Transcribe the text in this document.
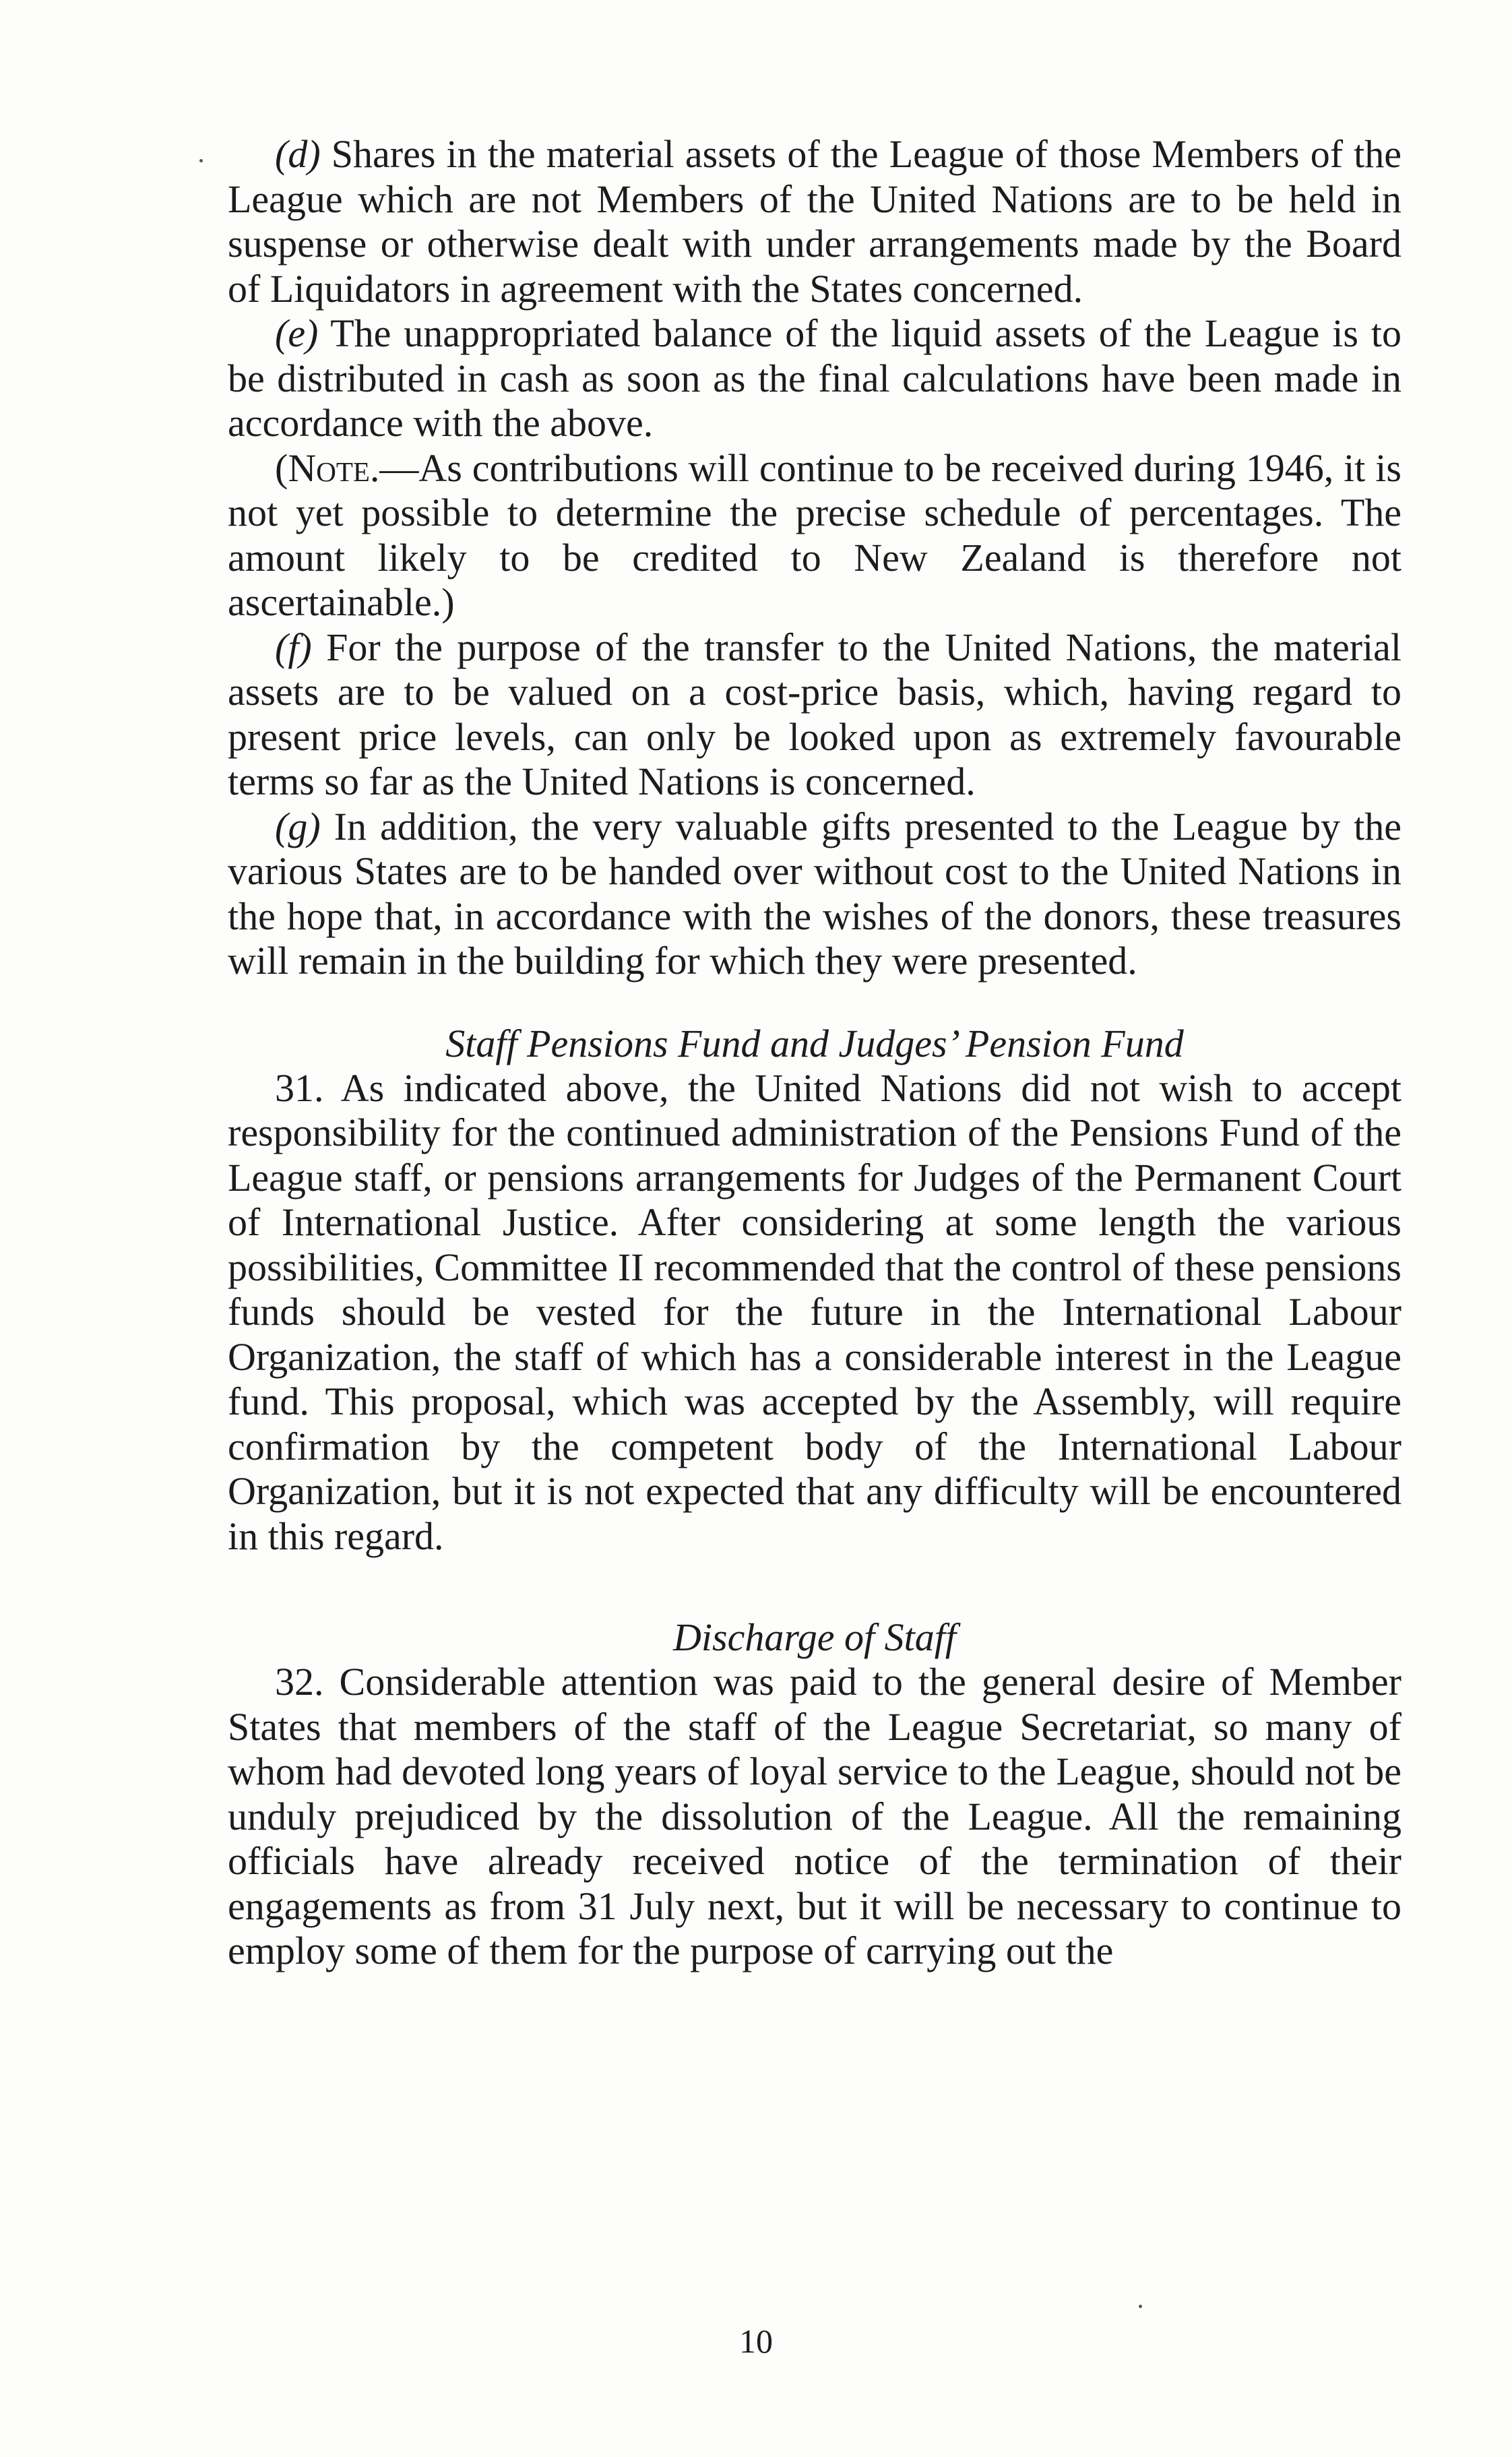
(d) Shares in the material assets of the League of those Members of the League which are not Members of the United Nations are to be held in suspense or otherwise dealt with under arrangements made by the Board of Liquidators in agreement with the States concerned.

(e) The unappropriated balance of the liquid assets of the League is to be distributed in cash as soon as the final calculations have been made in accordance with the above.

(Note.—As contributions will continue to be received during 1946, it is not yet possible to determine the precise schedule of percentages. The amount likely to be credited to New Zealand is therefore not ascertainable.)

(f) For the purpose of the transfer to the United Nations, the material assets are to be valued on a cost-price basis, which, having regard to present price levels, can only be looked upon as extremely favourable terms so far as the United Nations is concerned.

(g) In addition, the very valuable gifts presented to the League by the various States are to be handed over without cost to the United Nations in the hope that, in accordance with the wishes of the donors, these treasures will remain in the building for which they were presented.

Staff Pensions Fund and Judges’ Pension Fund

31. As indicated above, the United Nations did not wish to accept responsibility for the continued administration of the Pensions Fund of the League staff, or pensions arrangements for Judges of the Permanent Court of International Justice. After considering at some length the various possibilities, Committee II recommended that the control of these pensions funds should be vested for the future in the International Labour Organization, the staff of which has a considerable interest in the League fund. This proposal, which was accepted by the Assembly, will require confirmation by the competent body of the International Labour Organization, but it is not expected that any difficulty will be encountered in this regard.

Discharge of Staff

32. Considerable attention was paid to the general desire of Member States that members of the staff of the League Secretariat, so many of whom had devoted long years of loyal service to the League, should not be unduly prejudiced by the dissolution of the League. All the remaining officials have already received notice of the termination of their engagements as from 31 July next, but it will be necessary to continue to employ some of them for the purpose of carrying out the

10
